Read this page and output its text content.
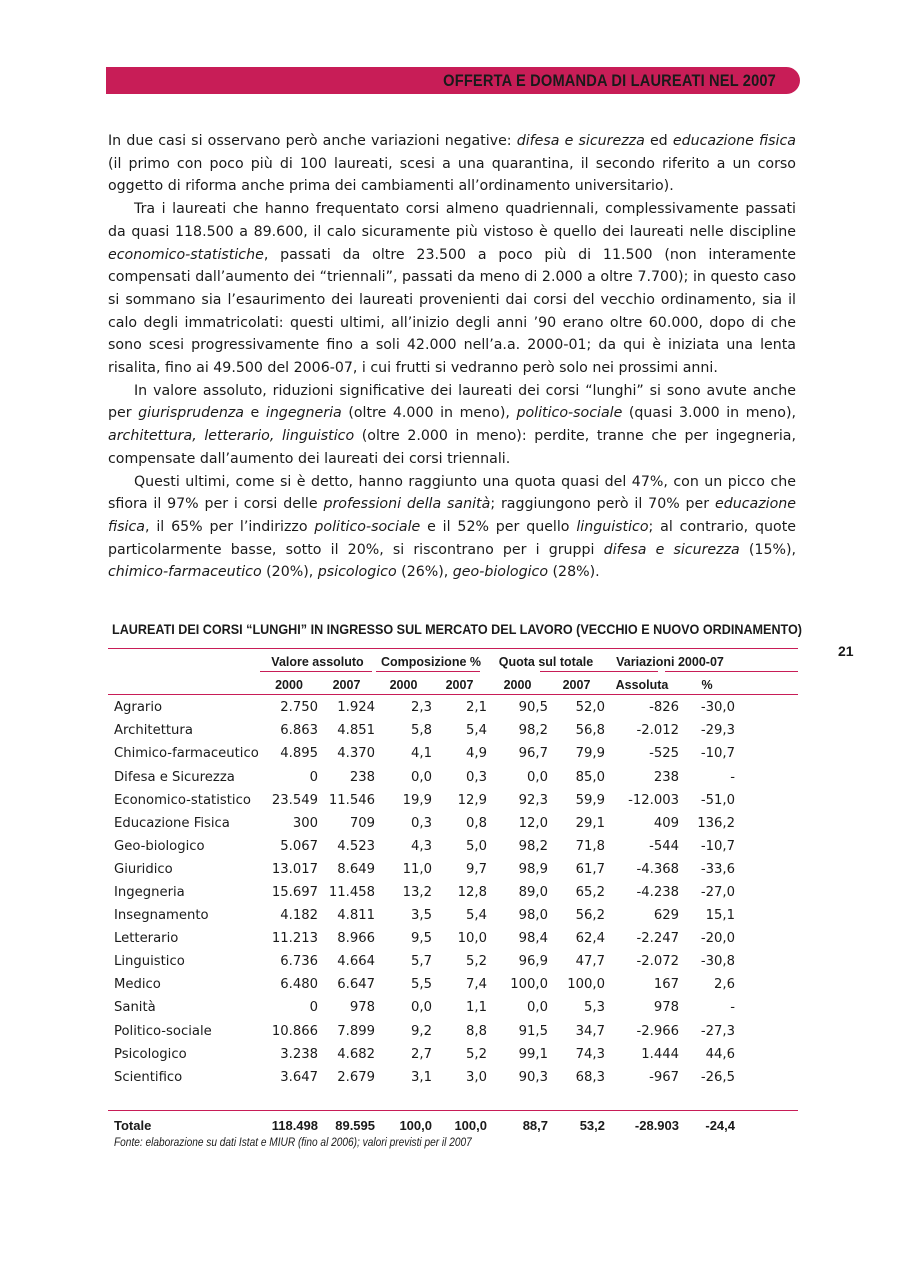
OFFERTA E DOMANDA DI LAUREATI NEL 2007

In due casi si osservano però anche variazioni negative: difesa e sicurezza ed educazione fisica (il primo con poco più di 100 laureati, scesi a una quarantina, il secondo riferito a un corso oggetto di riforma anche prima dei cambiamenti all’ordinamento universitario).

Tra i laureati che hanno frequentato corsi almeno quadriennali, complessivamente passati da quasi 118.500 a 89.600, il calo sicuramente più vistoso è quello dei laureati nelle discipline economico-statistiche, passati da oltre 23.500 a poco più di 11.500 (non interamente compensati dall’aumento dei “triennali”, passati da meno di 2.000 a oltre 7.700); in questo caso si sommano sia l’esaurimento dei laureati provenienti dai corsi del vecchio ordinamento, sia il calo degli immatricolati: questi ultimi, all’inizio degli anni ’90 erano oltre 60.000, dopo di che sono scesi progressivamente fino a soli 42.000 nell’a.a. 2000-01; da qui è iniziata una lenta risalita, fino ai 49.500 del 2006-07, i cui frutti si vedranno però solo nei prossimi anni.

In valore assoluto, riduzioni significative dei laureati dei corsi “lunghi” si sono avute anche per giurisprudenza e ingegneria (oltre 4.000 in meno), politico-sociale (quasi 3.000 in meno), architettura, letterario, linguistico (oltre 2.000 in meno): perdite, tranne che per ingegneria, compensate dall’aumento dei laureati dei corsi triennali.

Questi ultimi, come si è detto, hanno raggiunto una quota quasi del 47%, con un picco che sfiora il 97% per i corsi delle professioni della sanità; raggiungono però il 70% per educazione fisica, il 65% per l’indirizzo politico-sociale e il 52% per quello linguistico; al contrario, quote particolarmente basse, sotto il 20%, si riscontrano per i gruppi difesa e sicurezza (15%), chimico-farmaceutico (20%), psicologico (26%), geo-biologico (28%).

LAUREATI DEI CORSI “LUNGHI” IN INGRESSO SUL MERCATO DEL LAVORO (VECCHIO E NUOVO ORDINAMENTO)
21
	Valore assoluto		Composizione %		Quota sul totale		Variazioni 2000-07	
	2000	2007	2000	2007	2000	2007	Assoluta	%
Agrario	2.750	1.924	2,3	2,1	90,5	52,0	-826	-30,0
Architettura	6.863	4.851	5,8	5,4	98,2	56,8	-2.012	-29,3
Chimico-farmaceutico	4.895	4.370	4,1	4,9	96,7	79,9	-525	-10,7
Difesa e Sicurezza	0	238	0,0	0,3	0,0	85,0	238	-
Economico-statistico	23.549	11.546	19,9	12,9	92,3	59,9	-12.003	-51,0
Educazione Fisica	300	709	0,3	0,8	12,0	29,1	409	136,2
Geo-biologico	5.067	4.523	4,3	5,0	98,2	71,8	-544	-10,7
Giuridico	13.017	8.649	11,0	9,7	98,9	61,7	-4.368	-33,6
Ingegneria	15.697	11.458	13,2	12,8	89,0	65,2	-4.238	-27,0
Insegnamento	4.182	4.811	3,5	5,4	98,0	56,2	629	15,1
Letterario	11.213	8.966	9,5	10,0	98,4	62,4	-2.247	-20,0
Linguistico	6.736	4.664	5,7	5,2	96,9	47,7	-2.072	-30,8
Medico	6.480	6.647	5,5	7,4	100,0	100,0	167	2,6
Sanità	0	978	0,0	1,1	0,0	5,3	978	-
Politico-sociale	10.866	7.899	9,2	8,8	91,5	34,7	-2.966	-27,3
Psicologico	3.238	4.682	2,7	5,2	99,1	74,3	1.444	44,6
Scientifico	3.647	2.679	3,1	3,0	90,3	68,3	-967	-26,5

Totale	118.498	89.595	100,0	100,0	88,7	53,2	-28.903	-24,4
Fonte: elaborazione su dati Istat e MIUR (fino al 2006); valori previsti per il 2007
